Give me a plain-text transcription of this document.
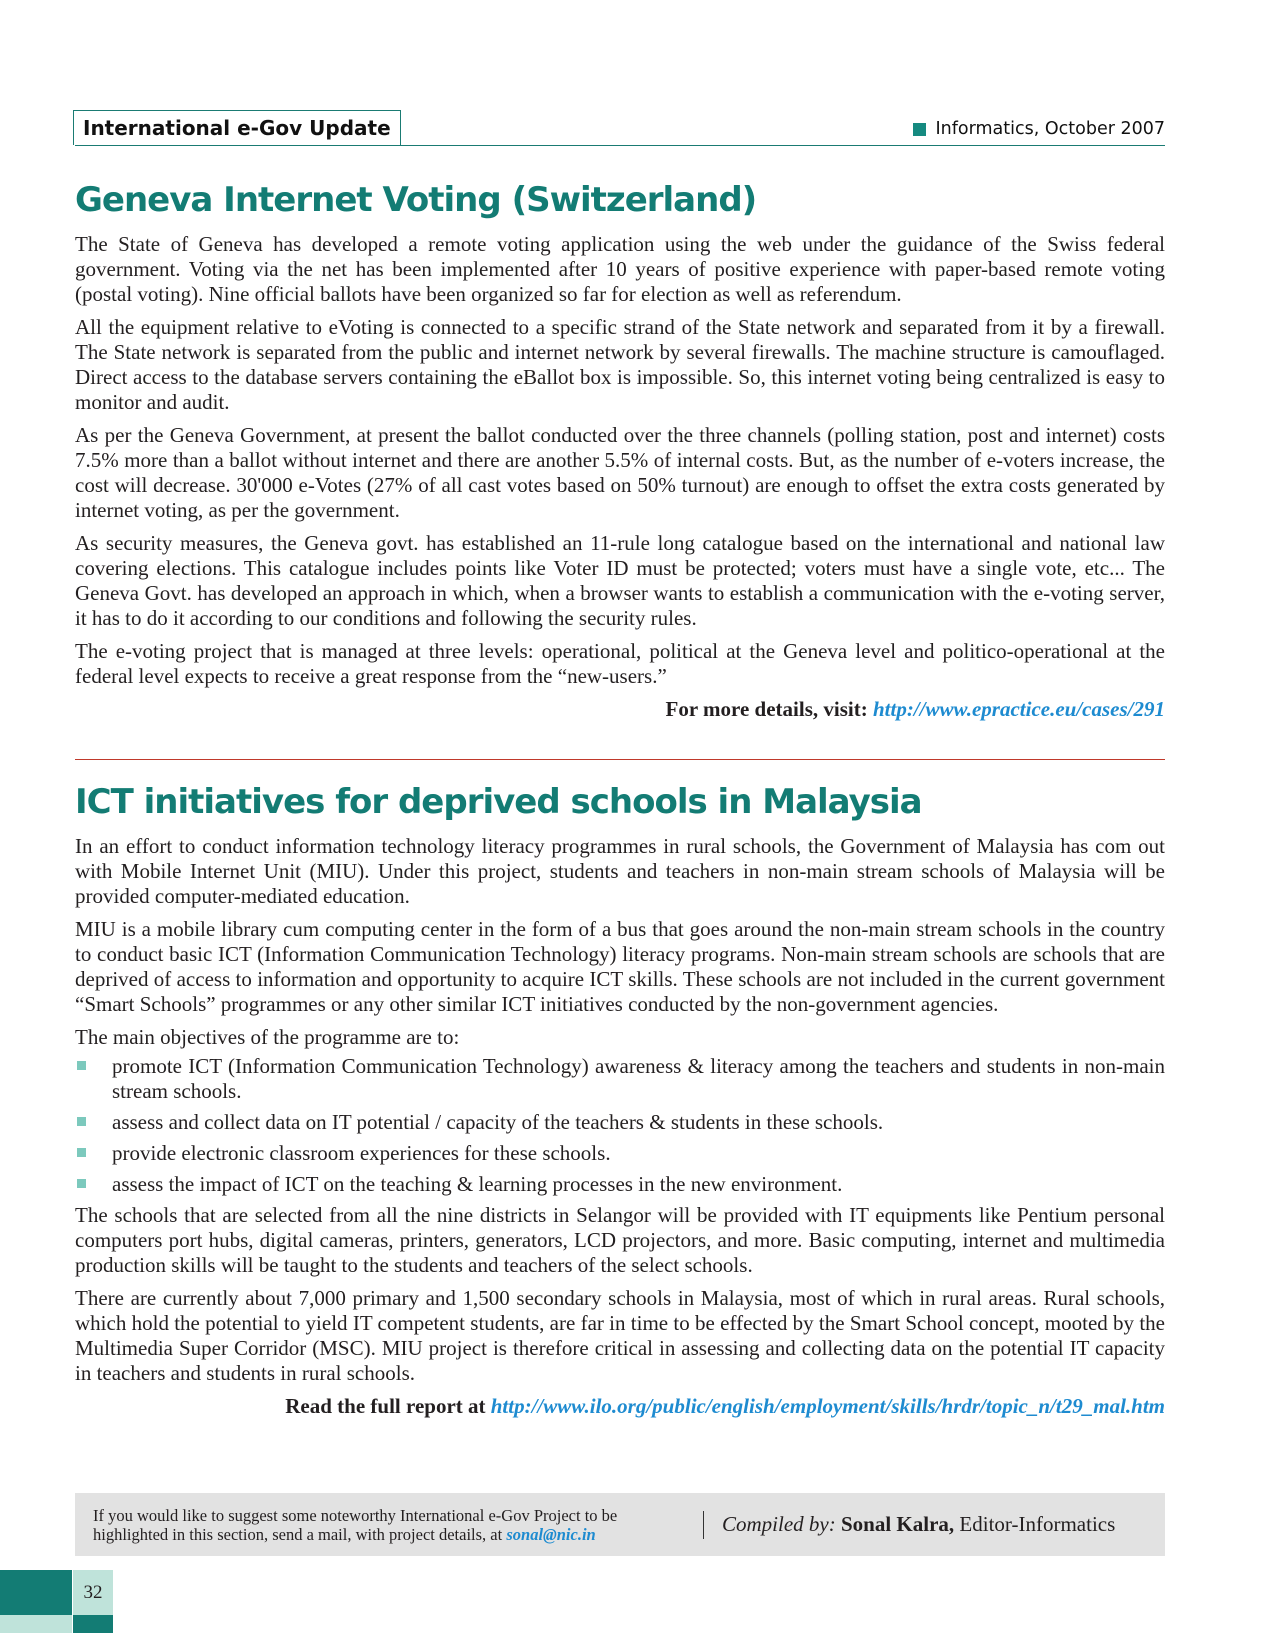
International e-Gov Update	Informatics, October 2007
Geneva Internet Voting (Switzerland)

The State of Geneva has developed a remote voting application using the web under the guidance of the Swiss federal government. Voting via the net has been implemented after 10 years of positive experience with paper-based remote voting (postal voting). Nine official ballots have been organized so far for election as well as referendum.

All the equipment relative to eVoting is connected to a specific strand of the State network and separated from it by a firewall. The State network is separated from the public and internet network by several firewalls. The machine structure is camouflaged. Direct access to the database servers containing the eBallot box is impossible. So, this internet voting being centralized is easy to monitor and audit.

As per the Geneva Government, at present the ballot conducted over the three channels (polling station, post and internet) costs 7.5% more than a ballot without internet and there are another 5.5% of internal costs. But, as the number of e-voters increase, the cost will decrease. 30'000 e-Votes (27% of all cast votes based on 50% turnout) are enough to offset the extra costs generated by internet voting, as per the government.

As security measures, the Geneva govt. has established an 11-rule long catalogue based on the international and national law covering elections. This catalogue includes points like Voter ID must be protected; voters must have a single vote, etc... The Geneva Govt. has developed an approach in which, when a browser wants to establish a communication with the e-voting server, it has to do it according to our conditions and following the security rules.

The e-voting project that is managed at three levels: operational, political at the Geneva level and politico-operational at the federal level expects to receive a great response from the “new-users.”

For more details, visit: http://www.epractice.eu/cases/291

ICT initiatives for deprived schools in Malaysia

In an effort to conduct information technology literacy programmes in rural schools, the Government of Malaysia has com out with Mobile Internet Unit (MIU). Under this project, students and teachers in non-main stream schools of Malaysia will be provided computer-mediated education.

MIU is a mobile library cum computing center in the form of a bus that goes around the non-main stream schools in the country to conduct basic ICT (Information Communication Technology) literacy programs. Non-main stream schools are schools that are deprived of access to information and opportunity to acquire ICT skills. These schools are not included in the current government “Smart Schools” programmes or any other similar ICT initiatives conducted by the non-government agencies.

The main objectives of the programme are to:

promote ICT (Information Communication Technology) awareness & literacy among the teachers and students in non-main stream schools.
assess and collect data on IT potential / capacity of the teachers & students in these schools.
provide electronic classroom experiences for these schools.
assess the impact of ICT on the teaching & learning processes in the new environment.

The schools that are selected from all the nine districts in Selangor will be provided with IT equipments like Pentium personal computers port hubs, digital cameras, printers, generators, LCD projectors, and more. Basic computing, internet and multimedia production skills will be taught to the students and teachers of the select schools.

There are currently about 7,000 primary and 1,500 secondary schools in Malaysia, most of which in rural areas. Rural schools, which hold the potential to yield IT competent students, are far in time to be effected by the Smart School concept, mooted by the Multimedia Super Corridor (MSC). MIU project is therefore critical in assessing and collecting data on the potential IT capacity in teachers and students in rural schools.

Read the full report at http://www.ilo.org/public/english/employment/skills/hrdr/topic_n/t29_mal.htm

If you would like to suggest some noteworthy International e-Gov Project to be
highlighted in this section, send a mail, with project details, at sonal@nic.in	Compiled by: Sonal Kalra, Editor-Informatics
32
